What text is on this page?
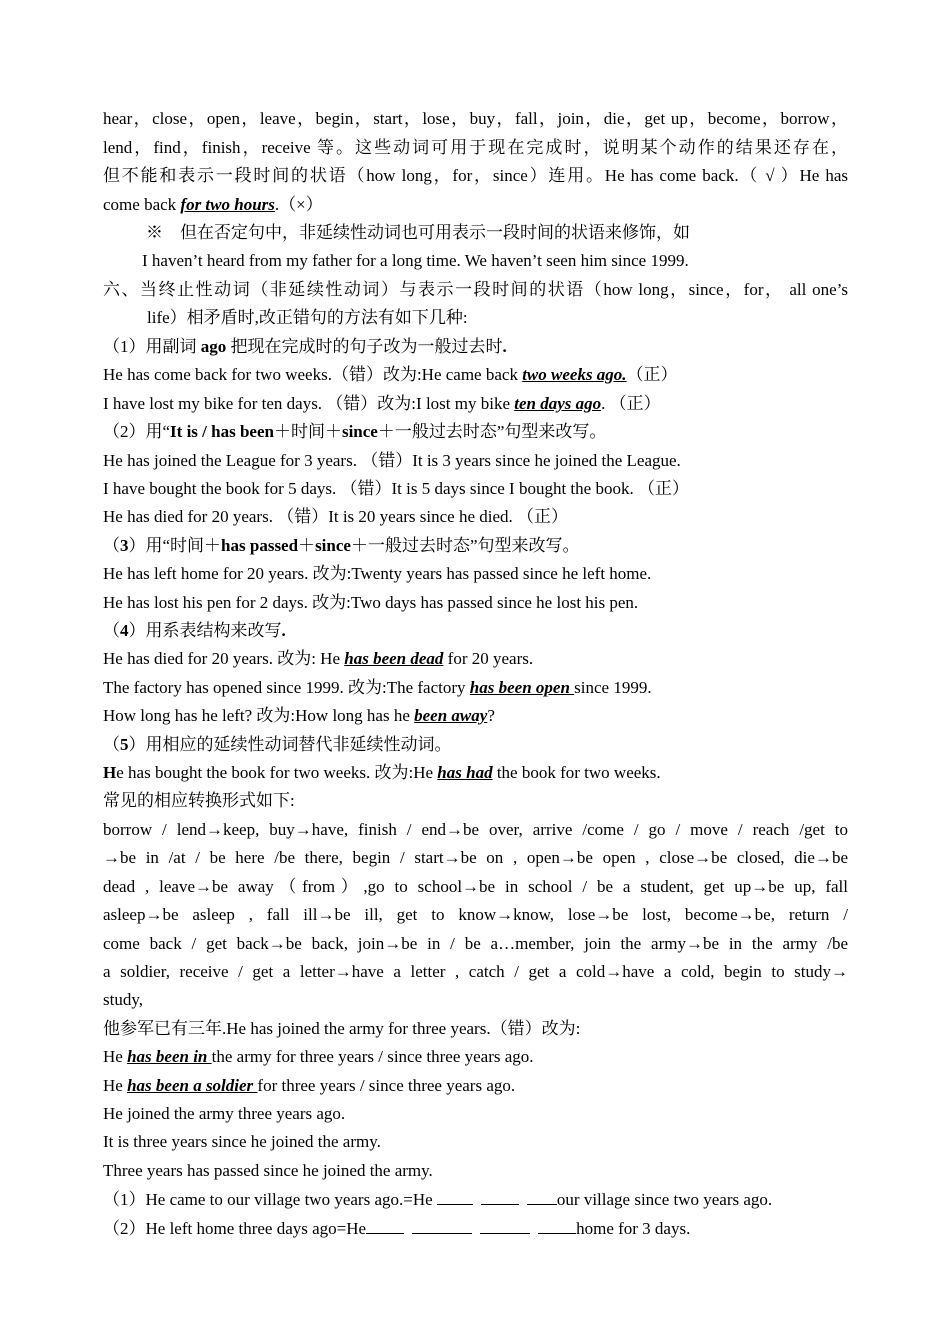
hear，close，open，leave，begin，start，lose，buy，fall，join，die，get up，become，borrow，
lend，find，finish，receive 等。这些动词可用于现在完成时，说明某个动作的结果还存在，
但不能和表示一段时间的状语（how long，for，since）连用。He has come back.（ √ ）He has
come back for two hours.（×）
※　但在否定句中，非延续性动词也可用表示一段时间的状语来修饰，如
I haven’t heard from my father for a long time. We haven’t seen him since 1999.
六、当终止性动词（非延续性动词）与表示一段时间的状语（how long，since，for， all one’s
life）相矛盾时,改正错句的方法有如下几种:
（1）用副词 ago 把现在完成时的句子改为一般过去时.
He has come back for two weeks.（错）改为:He came back two weeks ago.（正）
I have lost my bike for ten days. （错）改为:I lost my bike ten days ago. （正）
（2）用“It is / has been＋时间＋since＋一般过去时态”句型来改写。
He has joined the League for 3 years. （错）It is 3 years since he joined the League.
I have bought the book for 5 days. （错）It is 5 days since I bought the book. （正）
He has died for 20 years. （错）It is 20 years since he died. （正）
（3）用“时间＋has passed＋since＋一般过去时态”句型来改写。
He has left home for 20 years. 改为:Twenty years has passed since he left home.
He has lost his pen for 2 days. 改为:Two days has passed since he lost his pen.
（4）用系表结构来改写.
He has died for 20 years. 改为: He has been dead for 20 years.
The factory has opened since 1999. 改为:The factory has been open since 1999.
How long has he left? 改为:How long has he been away?
（5）用相应的延续性动词替代非延续性动词。
He has bought the book for two weeks. 改为:He has had the book for two weeks.
常见的相应转换形式如下:
borrow / lend→keep, buy→have, finish / end→be over, arrive /come / go / move / reach /get to
→be in /at / be here /be there, begin / start→be on , open→be open , close→be closed, die→be
dead , leave→be away（from）,go to school→be in school / be a student, get up→be up, fall
asleep→be asleep , fall ill→be ill, get to know→know, lose→be lost, become→be, return /
come back / get back→be back, join→be in / be a…member, join the army→be in the army /be
a soldier, receive / get a letter→have a letter , catch / get a cold→have a cold, begin to study→
study,
他参军已有三年.He has joined the army for three years.（错）改为:
He has been in the army for three years / since three years ago.
He has been a soldier for three years / since three years ago.
He joined the army three years ago.
It is three years since he joined the army.
Three years has passed since he joined the army.
（1）He came to our village two years ago.=He	our village since two years ago.
（2）He left home three days ago=He	home for 3 days.
